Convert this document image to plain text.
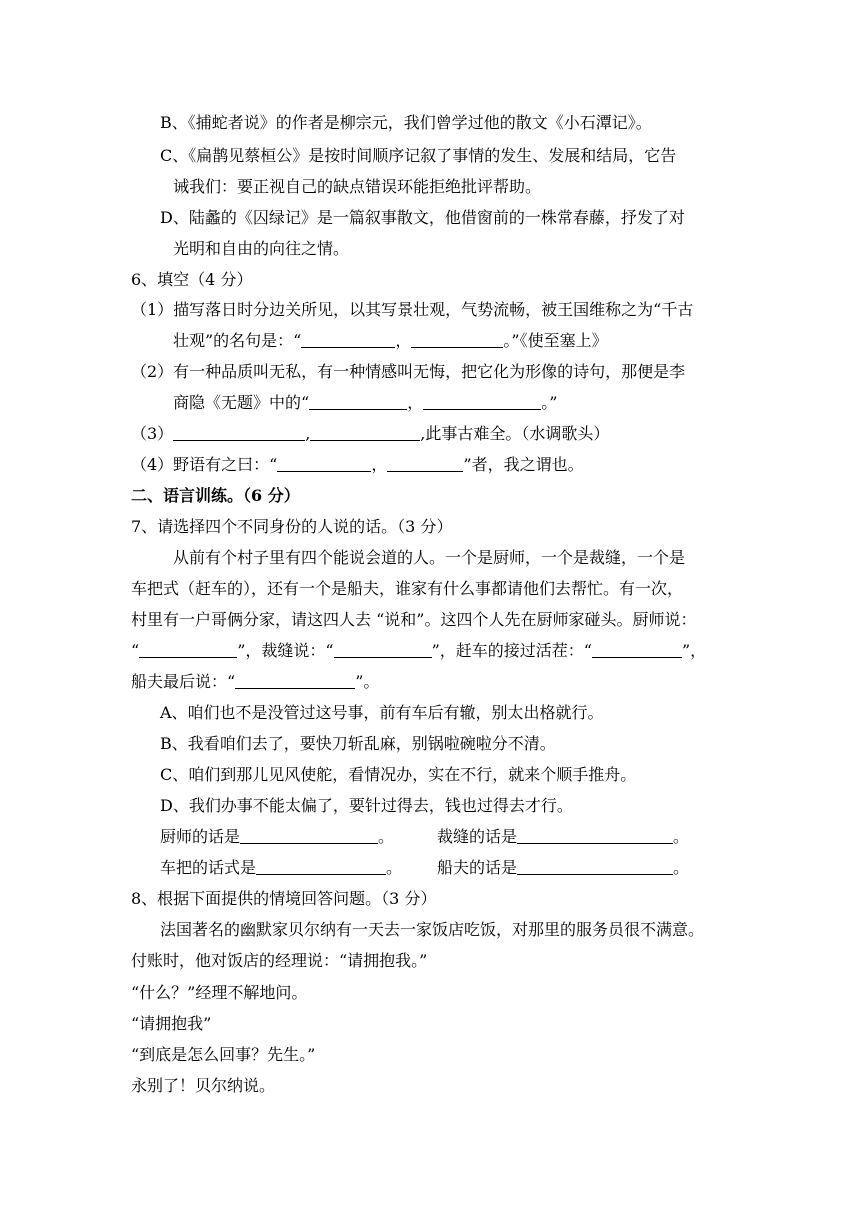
B、《捕蛇者说》的作者是柳宗元，我们曾学过他的散文《小石潭记》。
C、《扁鹊见蔡桓公》是按时间顺序记叙了事情的发生、发展和结局，它告
诫我们：要正视自己的缺点错误环能拒绝批评帮助。
D、陆蠡的《囚绿记》是一篇叙事散文，他借窗前的一株常春藤，抒发了对
光明和自由的向往之情。
6、填空（4 分）
（1）描写落日时分边关所见，以其写景壮观，气势流畅，被王国维称之为“千古
壮观”的名句是：“	，	。”《使至塞上》
（2）有一种品质叫无私，有一种情感叫无悔，把它化为形像的诗句，那便是李
商隐《无题》中的“	，	。”
（3）	,	,此事古难全。（水调歌头）
（4）野语有之曰：“	，	”者，我之谓也。
二、语言训练。（6 分）
7、请选择四个不同身份的人说的话。（3 分）
从前有个村子里有四个能说会道的人。一个是厨师，一个是裁缝，一个是
车把式（赶车的），还有一个是船夫，谁家有什么事都请他们去帮忙。有一次，
村里有一户哥俩分家，请这四人去 “说和”。这四个人先在厨师家碰头。厨师说：
“	”，裁缝说：“	”，赶车的接过活茬：“	”，
船夫最后说：“	”。
A、咱们也不是没管过这号事，前有车后有辙，别太出格就行。
B、我看咱们去了，要快刀斩乱麻，别锅啦碗啦分不清。
C、咱们到那儿见风使舵，看情况办，实在不行，就来个顺手推舟。
D、我们办事不能太偏了，要针过得去，钱也过得去才行。
厨师的话是	。	裁缝的话是	。
车把的话式是	。 船夫的话是	。
8、根据下面提供的情境回答问题。（3 分）
法国著名的幽默家贝尔纳有一天去一家饭店吃饭，对那里的服务员很不满意。
付账时，他对饭店的经理说：“请拥抱我。”
“什么？”经理不解地问。
“请拥抱我”
“到底是怎么回事？先生。”
永别了！贝尔纳说。
